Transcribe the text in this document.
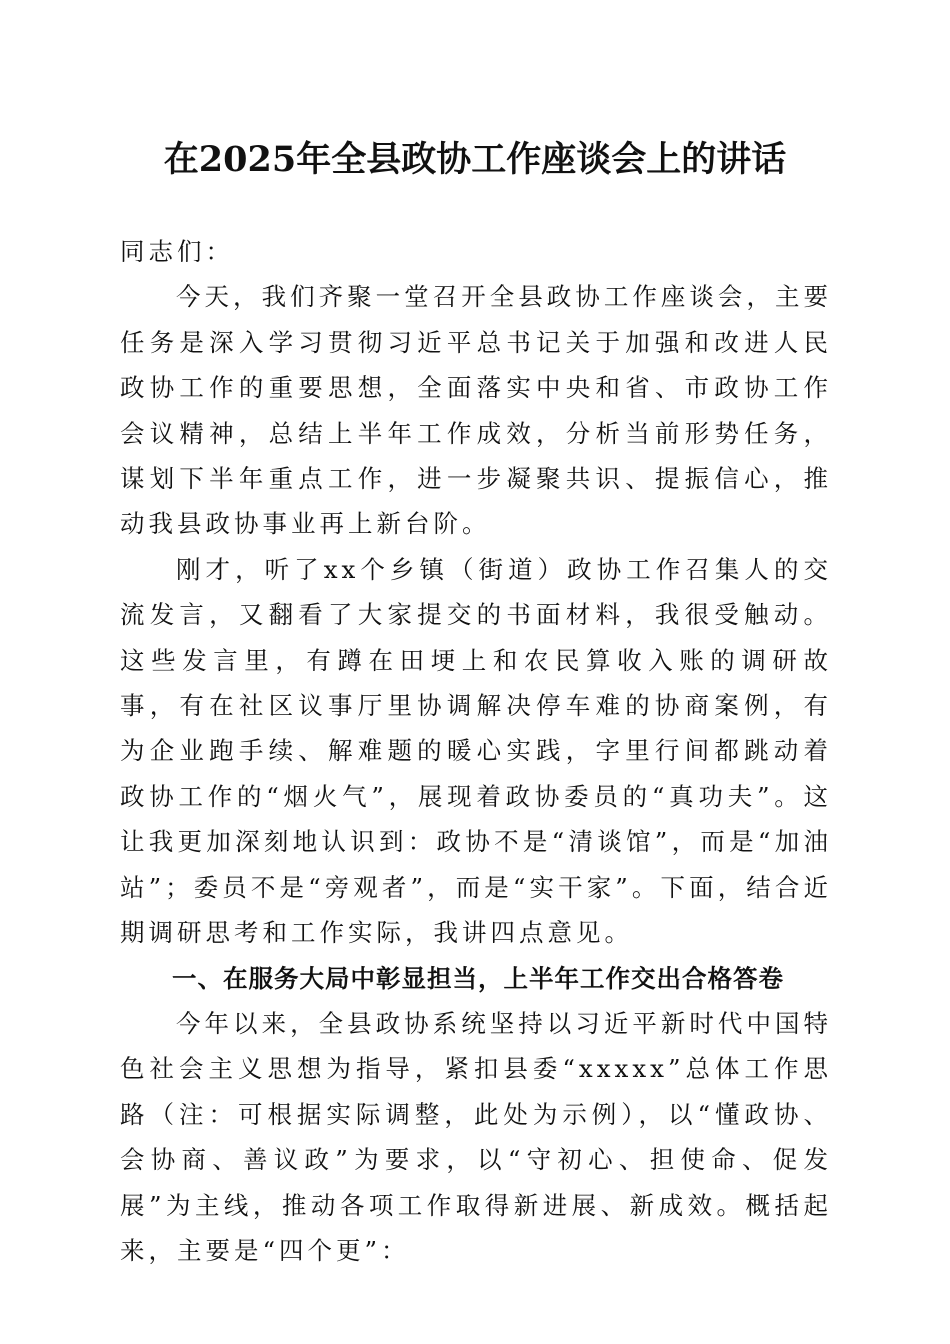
在2025年全县政协工作座谈会上的讲话

同志们：

今天，我们齐聚一堂召开全县政协工作座谈会，主要任务是深入学习贯彻习近平总书记关于加强和改进人民政协工作的重要思想，全面落实中央和省、市政协工作会议精神，总结上半年工作成效，分析当前形势任务，谋划下半年重点工作，进一步凝聚共识、提振信心，推动我县政协事业再上新台阶。

刚才，听了xx个乡镇（街道）政协工作召集人的交流发言，又翻看了大家提交的书面材料，我很受触动。这些发言里，有蹲在田埂上和农民算收入账的调研故事，有在社区议事厅里协调解决停车难的协商案例，有为企业跑手续、解难题的暖心实践，字里行间都跳动着政协工作的“烟火气”，展现着政协委员的“真功夫”。这让我更加深刻地认识到：政协不是“清谈馆”，而是“加油站”；委员不是“旁观者”，而是“实干家”。下面，结合近期调研思考和工作实际，我讲四点意见。

一、在服务大局中彰显担当，上半年工作交出合格答卷

今年以来，全县政协系统坚持以习近平新时代中国特色社会主义思想为指导，紧扣县委“xxxxx”总体工作思路（注：可根据实际调整，此处为示例），以“懂政协、会协商、善议政”为要求，以“守初心、担使命、促发展”为主线，推动各项工作取得新进展、新成效。概括起来，主要是“四个更”：
